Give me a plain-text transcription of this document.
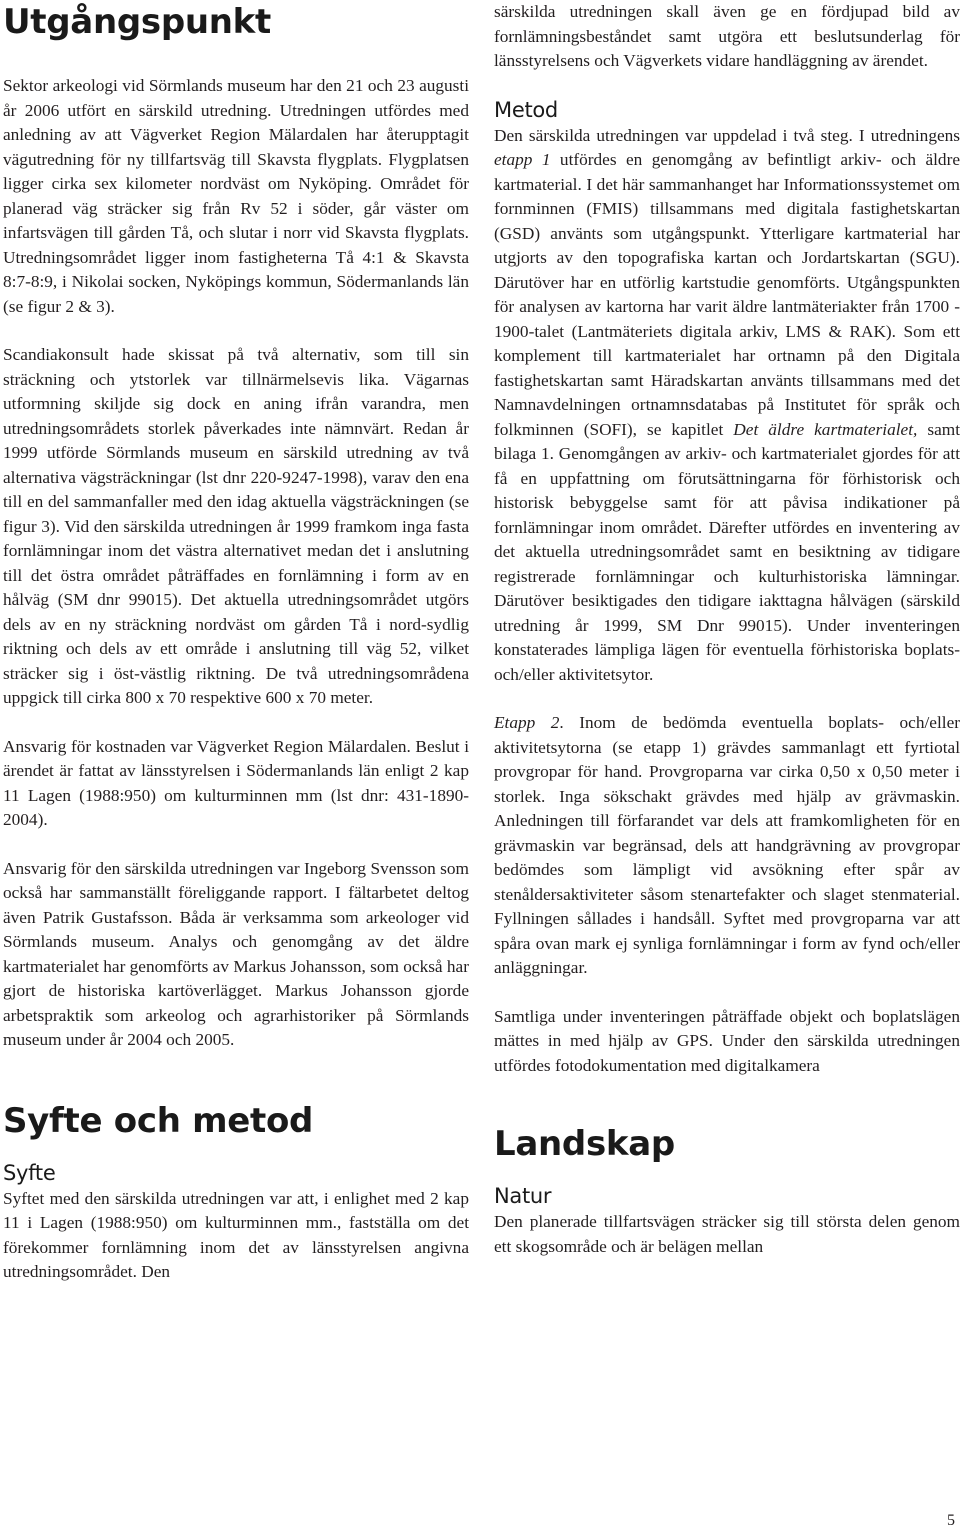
Utgångspunkt

Sektor arkeologi vid Sörmlands museum har den 21 och 23 augusti år 2006 utfört en särskild utredning. Utredningen utfördes med anledning av att Vägverket Region Mälardalen har återupptagit vägutredning för ny tillfartsväg till Skavsta flygplats. Flygplatsen ligger cirka sex kilometer nordväst om Nyköping. Området för planerad väg sträcker sig från Rv 52 i söder, går väster om infartsvägen till gården Tå, och slutar i norr vid Skavsta flygplats. Utredningsområdet ligger inom fastigheterna Tå 4:1 & Skavsta 8:7-8:9, i Nikolai socken, Nyköpings kommun, Södermanlands län (se figur 2 & 3).

Scandiakonsult hade skissat på två alternativ, som till sin sträckning och ytstorlek var tillnärmelsevis lika. Vägarnas utformning skiljde sig dock en aning ifrån varandra, men utredningsområdets storlek påverkades inte nämnvärt. Redan år 1999 utförde Sörmlands museum en särskild utredning av två alternativa vägsträckningar (lst dnr 220-9247-1998), varav den ena till en del sammanfaller med den idag aktuella vägsträckningen (se figur 3). Vid den särskilda utredningen år 1999 framkom inga fasta fornlämningar inom det västra alternativet medan det i anslutning till det östra området påträffades en fornlämning i form av en hålväg (SM dnr 99015). Det aktuella utredningsområdet utgörs dels av en ny sträckning nordväst om gården Tå i nord-sydlig riktning och dels av ett område i anslutning till väg 52, vilket sträcker sig i öst-västlig riktning. De två utredningsområdena uppgick till cirka 800 x 70 respektive 600 x 70 meter.

Ansvarig för kostnaden var Vägverket Region Mälardalen. Beslut i ärendet är fattat av länsstyrelsen i Södermanlands län enligt 2 kap 11 Lagen (1988:950) om kulturminnen mm (lst dnr: 431-1890-2004).

Ansvarig för den särskilda utredningen var Ingeborg Svensson som också har sammanställt föreliggande rapport. I fältarbetet deltog även Patrik Gustafsson. Båda är verksamma som arkeologer vid Sörmlands museum. Analys och genomgång av det äldre kartmaterialet har genomförts av Markus Johansson, som också har gjort de historiska kartöverlägget. Markus Johansson gjorde arbetspraktik som arkeolog och agrarhistoriker på Sörmlands museum under år 2004 och 2005.

Syfte och metod
Syfte

Syftet med den särskilda utredningen var att, i enlighet med 2 kap 11 i Lagen (1988:950) om kulturminnen mm., fastställa om det förekommer fornlämning inom det av länsstyrelsen angivna utredningsområdet. Den

särskilda utredningen skall även ge en fördjupad bild av fornlämningsbeståndet samt utgöra ett beslutsunderlag för länsstyrelsens och Vägverkets vidare handläggning av ärendet.

Metod

Den särskilda utredningen var uppdelad i två steg. I utredningens etapp 1 utfördes en genomgång av befintligt arkiv- och äldre kartmaterial. I det här sammanhanget har Informationssystemet om fornminnen (FMIS) tillsammans med digitala fastighetskartan (GSD) använts som utgångspunkt. Ytterligare kartmaterial har utgjorts av den topografiska kartan och Jordartskartan (SGU). Därutöver har en utförlig kartstudie genomförts. Utgångspunkten för analysen av kartorna har varit äldre lantmäteriakter från 1700 - 1900-talet (Lantmäteriets digitala arkiv, LMS & RAK). Som ett komplement till kartmaterialet har ortnamn på den Digitala fastighetskartan samt Häradskartan använts tillsammans med det Namnavdelningen ortnamnsdatabas på Institutet för språk och folkminnen (SOFI), se kapitlet Det äldre kartmaterialet, samt bilaga 1. Genomgången av arkiv- och kartmaterialet gjordes för att få en uppfattning om förutsättningarna för förhistorisk och historisk bebyggelse samt för att påvisa indikationer på fornlämningar inom området. Därefter utfördes en inventering av det aktuella utredningsområdet samt en besiktning av tidigare registrerade fornlämningar och kulturhistoriska lämningar. Därutöver besiktigades den tidigare iakttagna hålvägen (särskild utredning år 1999, SM Dnr 99015). Under inventeringen konstaterades lämpliga lägen för eventuella förhistoriska boplats- och/eller aktivitetsytor.

Etapp 2. Inom de bedömda eventuella boplats- och/eller aktivitetsytorna (se etapp 1) grävdes sammanlagt ett fyrtiotal provgropar för hand. Provgroparna var cirka 0,50 x 0,50 meter i storlek. Inga sökschakt grävdes med hjälp av grävmaskin. Anledningen till förfarandet var dels att framkomligheten för en grävmaskin var begränsad, dels att handgrävning av provgropar bedömdes som lämpligt vid avsökning efter spår av stenåldersaktiviteter såsom stenartefakter och slaget stenmaterial. Fyllningen sållades i handsåll. Syftet med provgroparna var att spåra ovan mark ej synliga fornlämningar i form av fynd och/eller anläggningar.

Samtliga under inventeringen påträffade objekt och boplatslägen mättes in med hjälp av GPS. Under den särskilda utredningen utfördes fotodokumentation med digitalkamera

Landskap
Natur

Den planerade tillfartsvägen sträcker sig till största delen genom ett skogsområde och är belägen mellan

5
